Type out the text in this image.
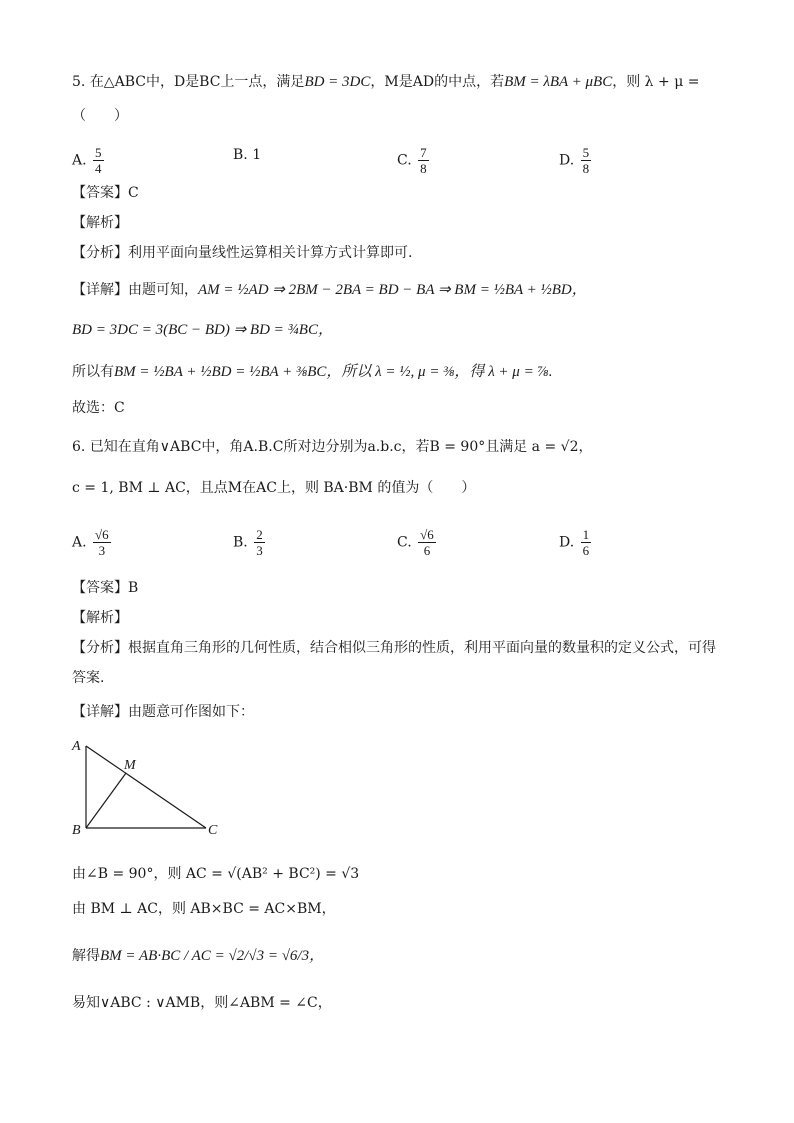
5. 在△ABC中，D是BC上一点，满足BD = 3DC，M是AD的中点，若BM = λBA + μBC，则 λ + μ =
（　　）
A. $\frac{5}{4}$	B. 1	C. $\frac{7}{8}$	D. $\frac{5}{8}$
【答案】C
【解析】
【分析】利用平面向量线性运算相关计算方式计算即可.
【详解】由题可知，AM = ½AD ⇒ 2BM − 2BA = BD − BA ⇒ BM = ½BA + ½BD，
BD = 3DC = 3(BC − BD) ⇒ BD = ¾BC，
所以有BM = ½BA + ½BD = ½BA + ⅜BC，所以 λ = ½, μ = ⅜，得 λ + μ = ⅞.
故选：C
6. 已知在直角∨ABC中，角A.B.C所对边分别为a.b.c，若B = 90°且满足 a = √2，
c = 1, BM ⊥ AC，且点M在AC上，则 BA·BM 的值为（　　）
A. $\frac{√6}{3}$	B. $\frac{2}{3}$	C. $\frac{√6}{6}$	D. $\frac{1}{6}$
【答案】B
【解析】
【分析】根据直角三角形的几何性质，结合相似三角形的性质，利用平面向量的数量积的定义公式，可得
答案.
【详解】由题意可作图如下：
A
M
B	C
由∠B = 90°，则 AC = √(AB² + BC²) = √3
由 BM ⊥ AC，则 AB×BC = AC×BM，
解得BM = AB·BC / AC = √2/√3 = √6/3，
易知∨ABC : ∨AMB，则∠ABM = ∠C，
